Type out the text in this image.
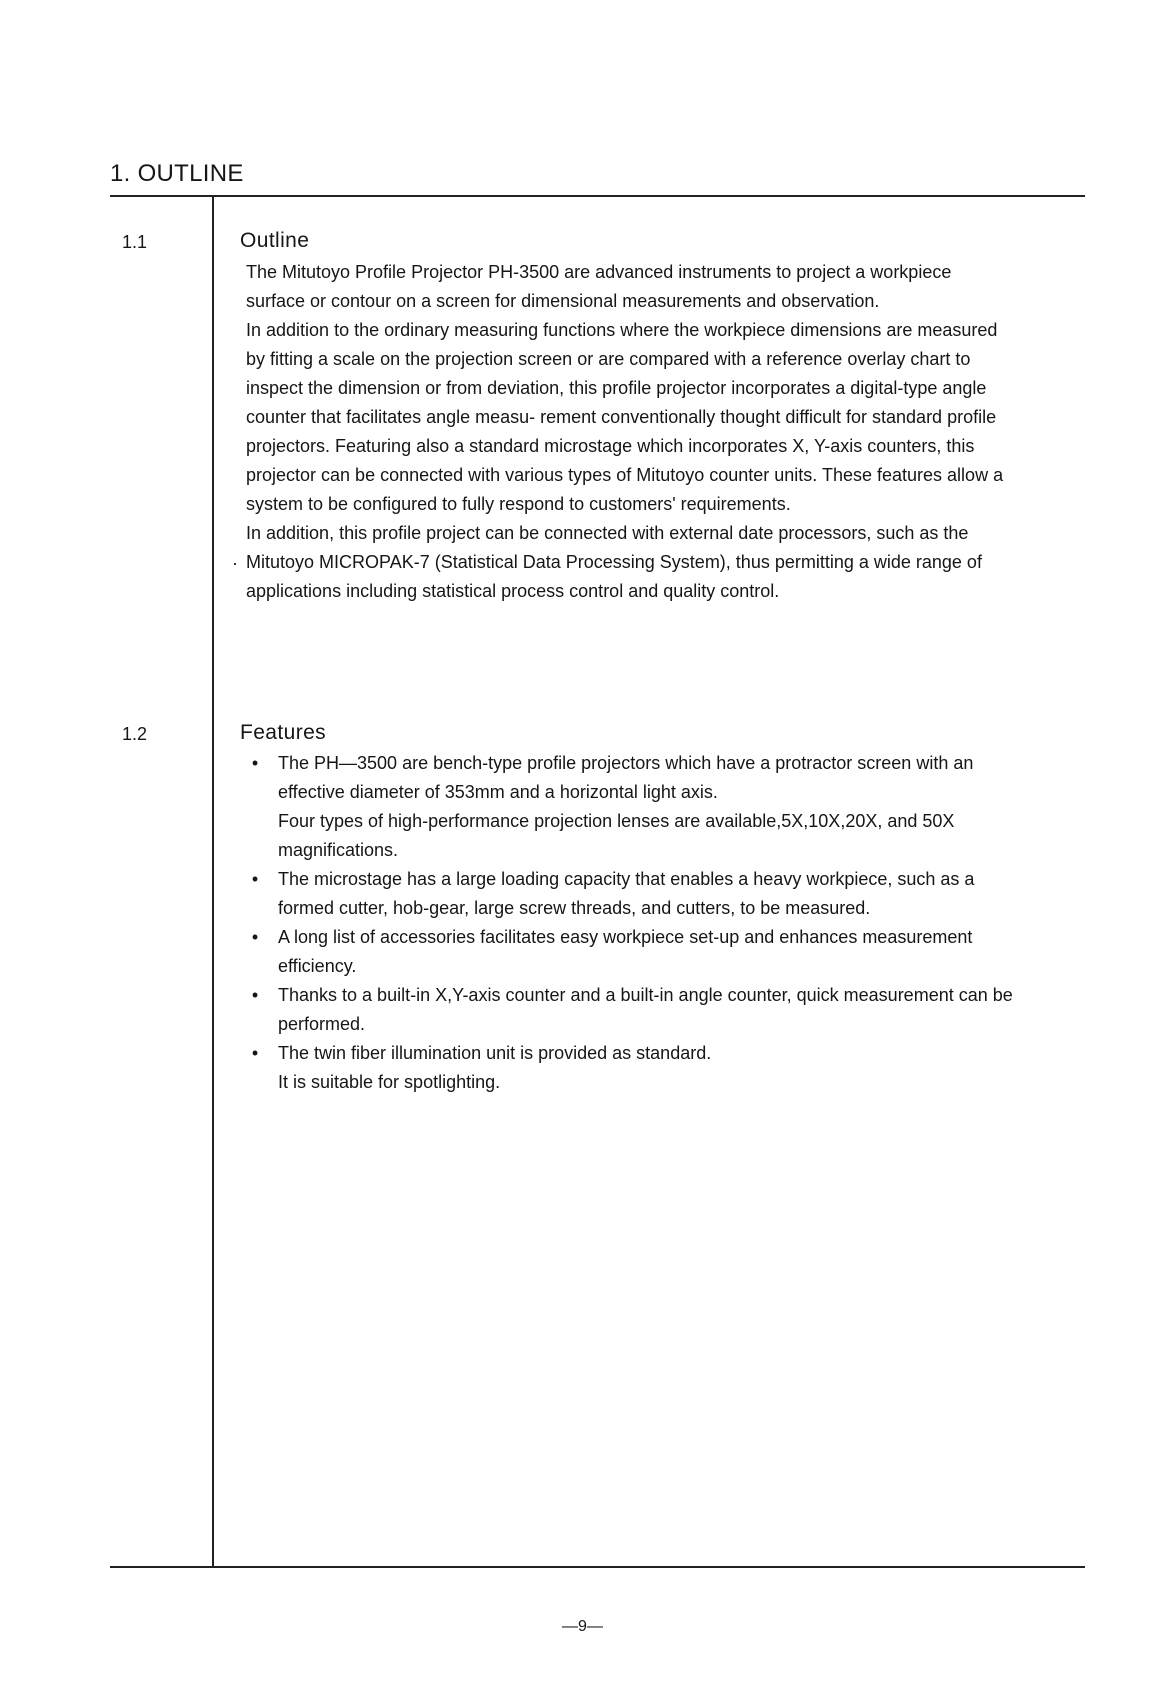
1. OUTLINE
1.1	Outline

The Mitutoyo Profile Projector PH-3500 are advanced instruments to project a workpiece surface or contour on a screen for dimensional measurements and observation.

In addition to the ordinary measuring functions where the workpiece dimensions are measured by fitting a scale on the projection screen or are compared with a reference overlay chart to inspect the dimension or from deviation, this profile projector incorporates a digital-type angle counter that facilitates angle measu- rement conventionally thought difficult for standard profile projectors. Featuring also a standard microstage which incorporates X, Y-axis counters, this projector can be connected with various types of Mitutoyo counter units. These features allow a system to be configured to fully respond to customers' requirements.

In addition, this profile project can be connected with external date processors, such as the Mitutoyo MICROPAK-7 (Statistical Data Processing System), thus permitting a wide range of applications including statistical process control and quality control.

1.2	Features
• The PH—3500 are bench-type profile projectors which have a protractor screen with an effective diameter of 353mm and a horizontal light axis.

Four types of high-performance projection lenses are available,5X,10X,20X, and 50X magnifications.

• The microstage has a large loading capacity that enables a heavy workpiece, such as a formed cutter, hob-gear, large screw threads, and cutters, to be measured.

• A long list of accessories facilitates easy workpiece set-up and enhances measurement efficiency.

• Thanks to a built-in X,Y-axis counter and a built-in angle counter, quick measurement can be performed.

• The twin fiber illumination unit is provided as standard.

It is suitable for spotlighting.

—9—
